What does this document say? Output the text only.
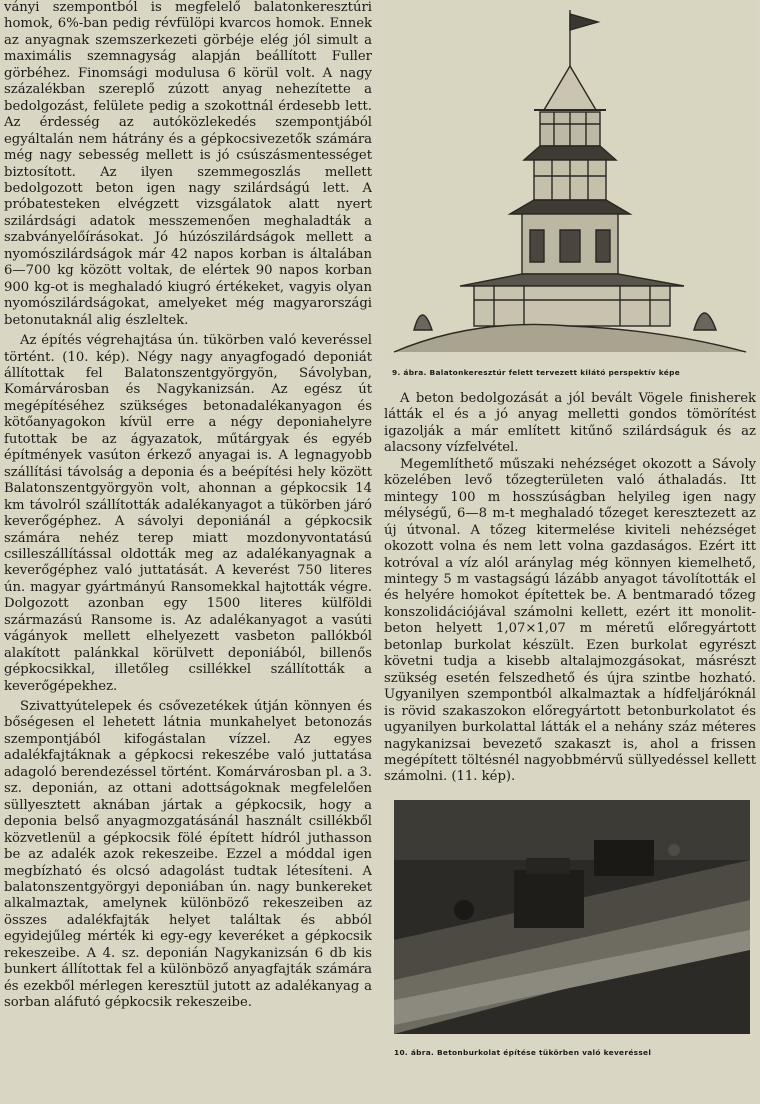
ványi szempontból is megfelelő balatonkeresztúri homok, 6%-ban pedig révfülöpi kvarcos homok. Ennek az anyagnak szemszerkezeti görbéje elég jól simult a maximális szemnagyság alapján beállított Fuller görbéhez. Finomsági modulusa 6 körül volt. A nagy százalékban szereplő zúzott anyag nehezítette a bedolgozást, felülete pedig a szokottnál érdesebb lett. Az érdesség az autóközlekedés szempontjából egyáltalán nem hátrány és a gépkocsivezetők számára még nagy sebesség mellett is jó csúszásmentességet biztosított. Az ilyen szemmegoszlás mellett bedolgozott beton igen nagy szilárdságú lett. A próbatesteken elvégzett vizsgálatok alatt nyert szilárdsági adatok messzemenően meghaladták a szabványelőírásokat. Jó húzószilárdságok mellett a nyomószilárdságok már 42 napos korban is általában 6—700 kg között voltak, de elértek 90 napos korban 900 kg-ot is meghaladó kiugró értékeket, vagyis olyan nyomószilárdságokat, amelyeket még magyarországi betonutaknál alig észleltek.

Az építés végrehajtása ún. tükörben való keveréssel történt. (10. kép). Négy nagy anyagfogadó deponiát állítottak fel Balatonszentgyörgyön, Sávolyban, Komárvárosban és Nagykanizsán. Az egész út megépítéséhez szükséges betonadalékanyagon és kötőanyagokon kívül erre a négy deponiahelyre futottak be az ágyazatok, műtárgyak és egyéb építmények vasúton érkező anyagai is. A legnagyobb szállítási távolság a deponia és a beépítési hely között Balatonszentgyörgyön volt, ahonnan a gépkocsik 14 km távolról szállították adalékanyagot a tükörben járó keverőgéphez. A sávolyi deponiánál a gépkocsik számára nehéz terep miatt mozdonyvontatású csilleszállítással oldották meg az adalékanyagnak a keverőgéphez való juttatását. A keverést 750 literes ún. magyar gyártmányú Ransomekkal hajtották végre. Dolgozott azonban egy 1500 literes külföldi származású Ransome is. Az adalékanyagot a vasúti vágányok mellett elhelyezett vasbeton pallókból alakított palánkkal körülvett deponiából, billenős gépkocsikkal, illetőleg csillékkel szállították a keverőgépekhez.

Szivattyútelepek és csővezetékek útján könnyen és bőségesen el lehetett látnia munkahelyet betonozás szempontjából kifogástalan vízzel. Az egyes adalékfajtáknak a gépkocsi rekeszébe való juttatása adagoló berendezéssel történt. Komárvárosban pl. a 3. sz. deponián, az ottani adottságoknak megfelelően süllyesztett aknában jártak a gépkocsik, hogy a deponia belső anyagmozgatásánál használt csillékből közvetlenül a gépkocsik fölé épített hídról juthasson be az adalék azok rekeszeibe. Ezzel a móddal igen megbízható és olcsó adagolást tudtak létesíteni. A balatonszentgyörgyi deponiában ún. nagy bunkereket alkalmaztak, amelynek különböző rekeszeiben az összes adalékfajták helyet találtak és abból egyidejűleg mérték ki egy-egy keveréket a gépkocsik rekeszeibe. A 4. sz. deponián Nagykanizsán 6 db kis bunkert állítottak fel a különböző anyagfajták számára és ezekből mérlegen keresztül jutott az adalékanyag a sorban aláfutó gépkocsik rekeszeibe.

9. ábra. Balatonkeresztúr felett tervezett kilátó perspektív képe

A beton bedolgozását a jól bevált Vögele finisherek látták el és a jó anyag melletti gondos tömörítést igazolják a már említett kitűnő szilárdságuk és az alacsony vízfelvétel.

Megemlíthető műszaki nehézséget okozott a Sávoly közelében levő tőzegterületen való áthaladás. Itt mintegy 100 m hosszúságban helyileg igen nagy mélységű, 6—8 m-t meghaladó tőzeget keresztezett az új útvonal. A tőzeg kitermelése kiviteli nehézséget okozott volna és nem lett volna gazdaságos. Ezért itt kotróval a víz alól aránylag még könnyen kiemelhető, mintegy 5 m vastagságú lázább anyagot távolították el és helyére homokot építettek be. A bentmaradó tőzeg konszolidációjával számolni kellett, ezért itt monolit-beton helyett 1,07×1,07 m méretű előregyártott betonlap burkolat készült. Ezen burkolat egyrészt követni tudja a kisebb altalajmozgásokat, másrészt szükség esetén felszedhető és újra szintbe hozható. Ugyanilyen szempontból alkalmaztak a hídfeljáróknál is rövid szakaszokon előregyártott betonburkolatot és ugyanilyen burkolattal látták el a nehány száz méteres nagykanizsai bevezető szakaszt is, ahol a frissen megépített töltésnél nagyobbmérvű süllyedéssel kellett számolni. (11. kép).

10. ábra. Betonburkolat építése tükörben való keveréssel
